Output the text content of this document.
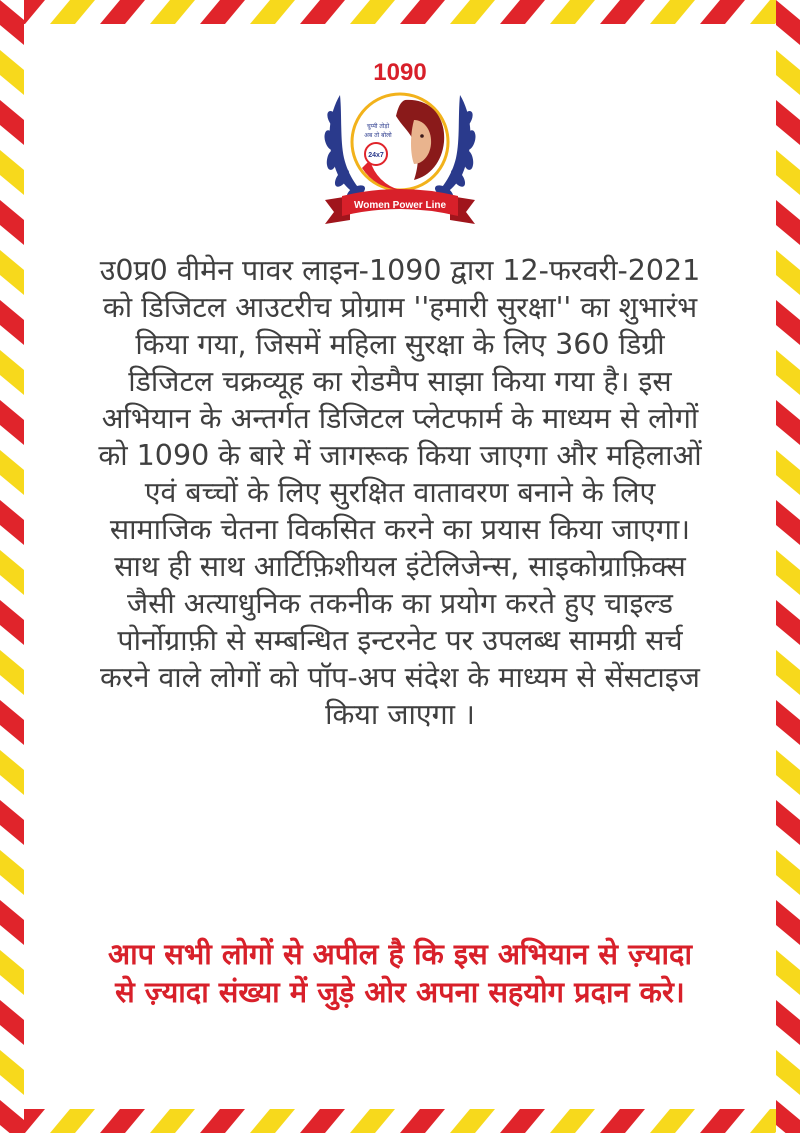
1090
चुप्पी तोड़ो
अब तो बोलो
24x7
Women Power Line

उ0प्र0 वीमेन पावर लाइन-1090 द्वारा 12-फरवरी-2021 को डिजिटल आउटरीच प्रोग्राम ''हमारी सुरक्षा'' का शुभारंभ किया गया, जिसमें महिला सुरक्षा के लिए 360 डिग्री डिजिटल चक्रव्यूह का रोडमैप साझा किया गया है। इस अभियान के अन्तर्गत डिजिटल प्लेटफार्म के माध्यम से लोगों को 1090 के बारे में जागरूक किया जाएगा और महिलाओं एवं बच्चों के लिए सुरक्षित वातावरण बनाने के लिए सामाजिक चेतना विकसित करने का प्रयास किया जाएगा। साथ ही साथ आर्टिफ़िशीयल इंटेलिजेन्स, साइकोग्राफ़िक्स जैसी अत्याधुनिक तकनीक का प्रयोग करते हुए चाइल्ड पोर्नोग्राफ़ी से सम्बन्धित इन्टरनेट पर उपलब्ध सामग्री सर्च करने वाले लोगों को पॉप-अप संदेश के माध्यम से सेंसटाइज किया जाएगा ।

आप सभी लोगों से अपील है कि इस अभियान से ज़्यादा से ज़्यादा संख्या में जुड़े ओर अपना सहयोग प्रदान करे।
